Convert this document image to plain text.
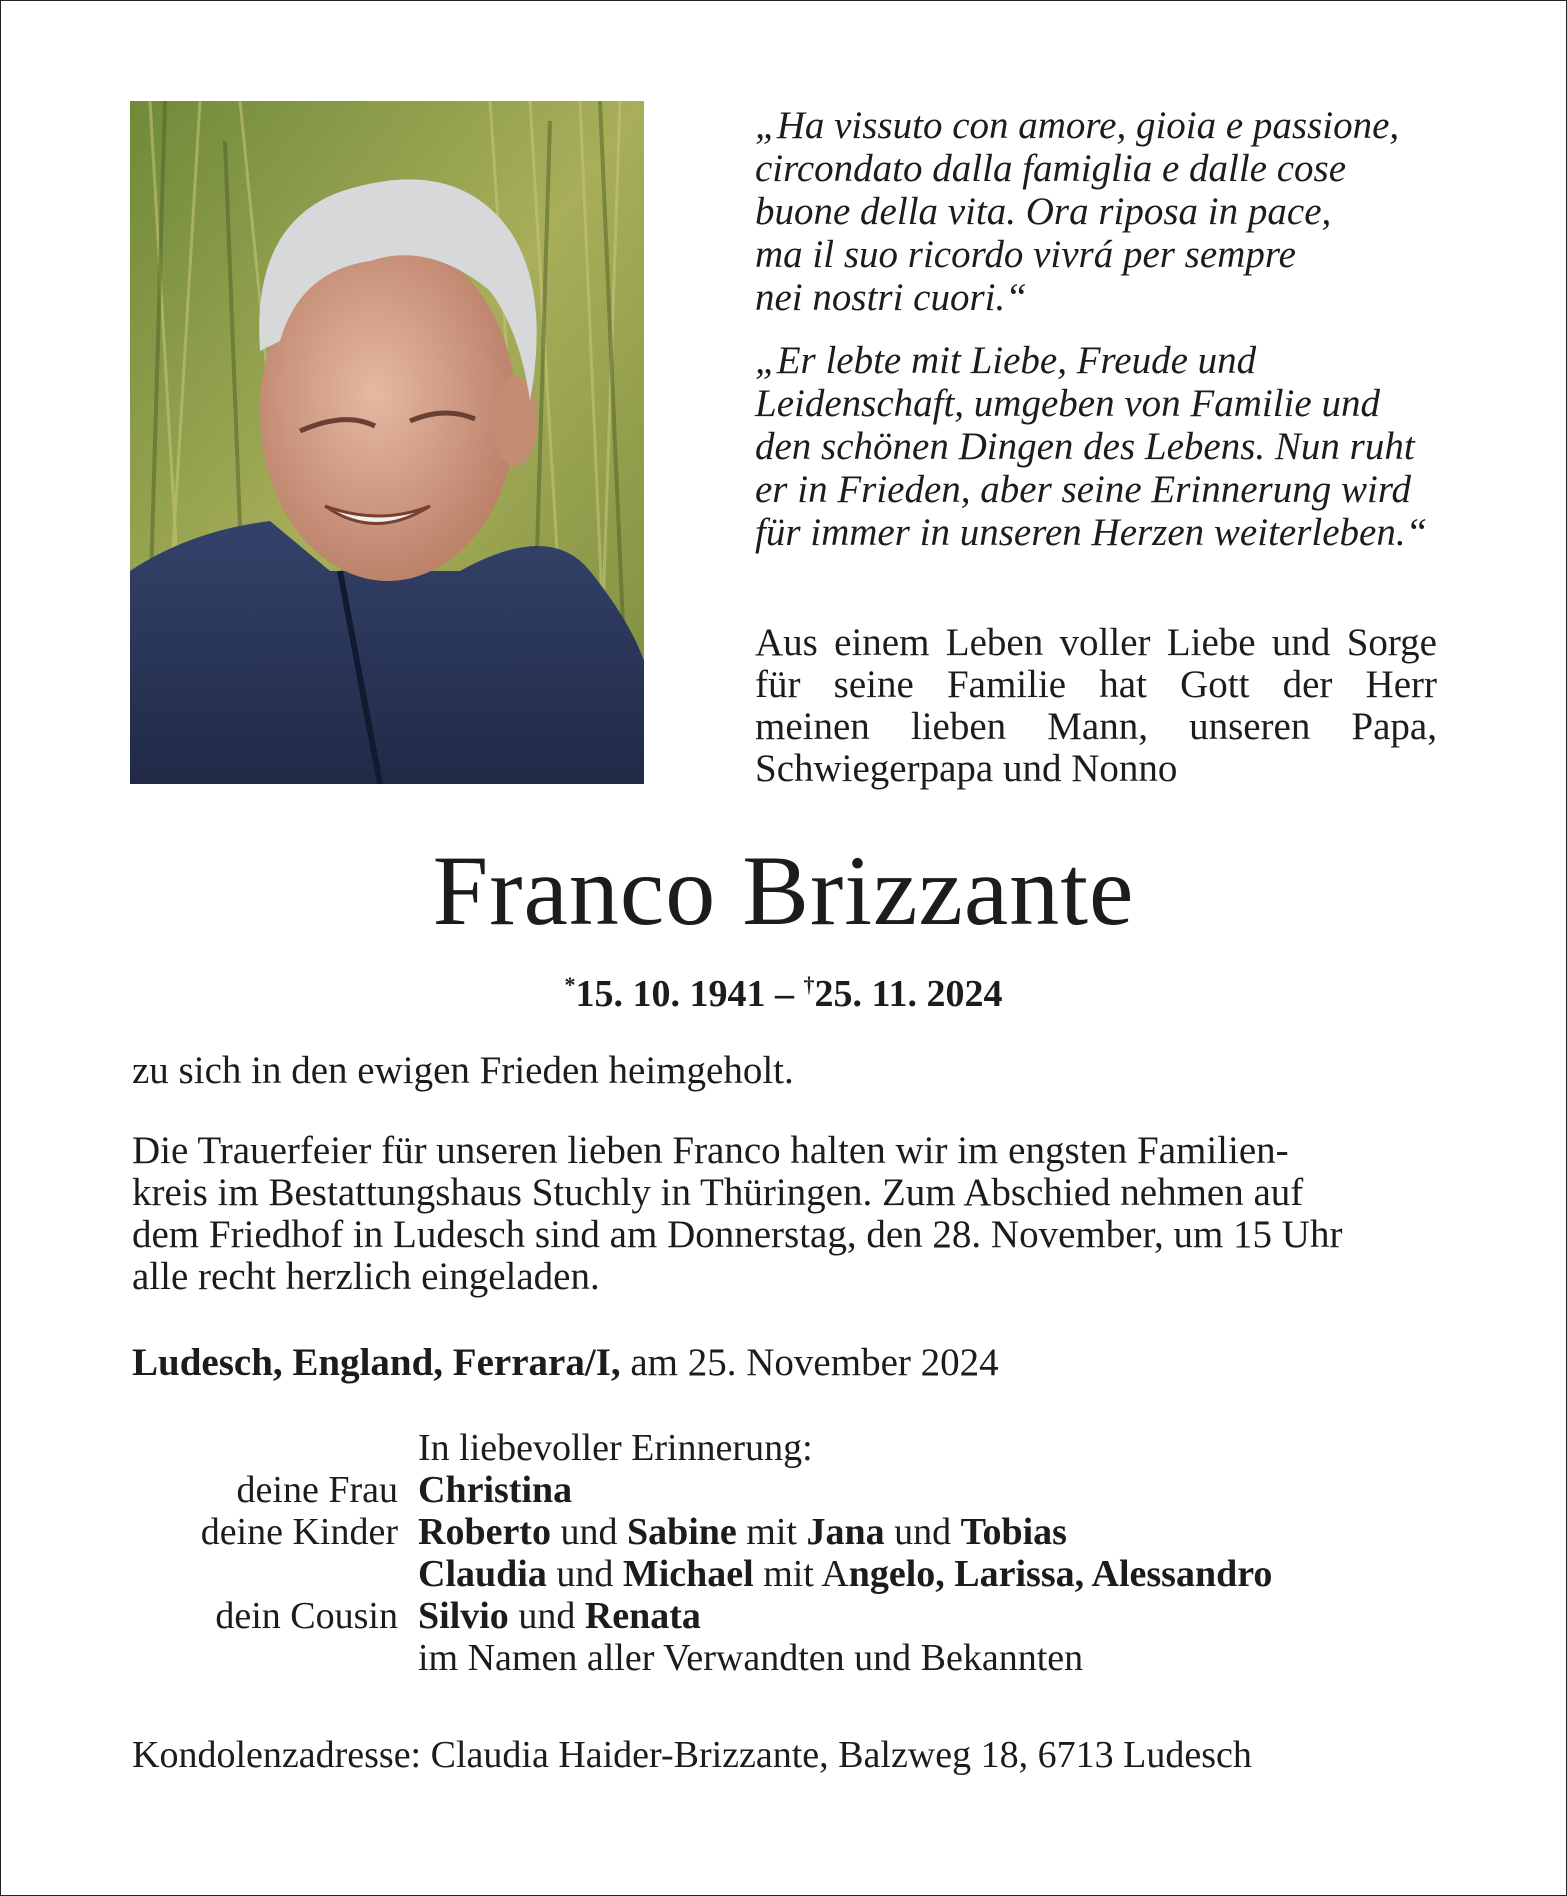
„Ha vissuto con amore, gioia e passione,
circondato dalla famiglia e dalle cose
buone della vita. Ora riposa in pace,
ma il suo ricordo vivrá per sempre
nei nostri cuori.“
„Er lebte mit Liebe, Freude und
Leidenschaft, umgeben von Familie und
den schönen Dingen des Lebens. Nun ruht
er in Frieden, aber seine Erinnerung wird
für immer in unseren Herzen weiterleben.“
Aus einem Leben voller Liebe und Sorge
für seine Familie hat Gott der Herr
meinen lieben Mann, unseren Papa,
Schwiegerpapa und Nonno
Franco Brizzante
*15. 10. 1941 – †25. 11. 2024

zu sich in den ewigen Frieden heimgeholt.

Die Trauerfeier für unseren lieben Franco halten wir im engsten Familien-
kreis im Bestattungshaus Stuchly in Thüringen. Zum Abschied nehmen auf
dem Friedhof in Ludesch sind am Donnerstag, den 28. November, um 15 Uhr
alle recht herzlich eingeladen.

Ludesch, England, Ferrara/I, am 25. November 2024

In liebevoller Erinnerung:
deine Frau Christina
deine Kinder Roberto und Sabine mit Jana und Tobias
Claudia und Michael mit Angelo, Larissa, Alessandro
dein Cousin Silvio und Renata
im Namen aller Verwandten und Bekannten
Kondolenzadresse: Claudia Haider-Brizzante, Balzweg 18, 6713 Ludesch
